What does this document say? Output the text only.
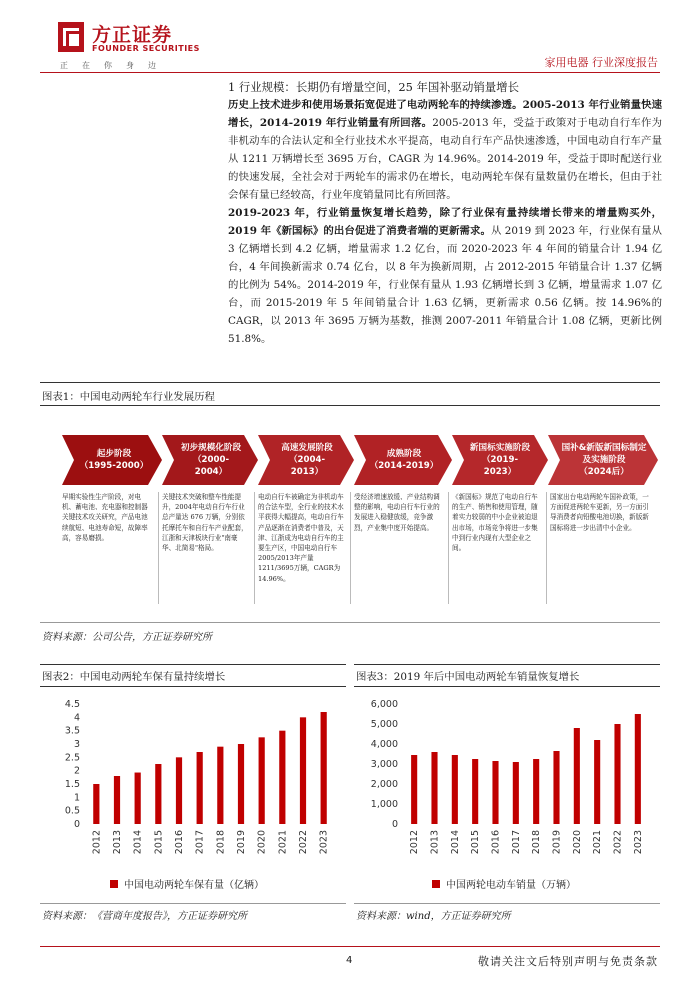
方正证券
FOUNDER SECURITIES
正在你身边	家用电器 行业深度报告

1 行业规模：长期仍有增量空间，25 年国补驱动销量增长

历史上技术进步和使用场景拓宽促进了电动两轮车的持续渗透。2005-2013 年行业销量快速增长，2014-2019 年行业销量有所回落。2005-2013 年，受益于政策对于电动自行车作为非机动车的合法认定和全行业技术水平提高，电动自行车产品快速渗透，中国电动自行车产量从 1211 万辆增长至 3695 万台，CAGR 为 14.96%。2014-2019 年，受益于即时配送行业的快速发展，全社会对于两轮车的需求仍在增长，电动两轮车保有量数量仍在增长，但由于社会保有量已经较高，行业年度销量同比有所回落。

2019-2023 年，行业销量恢复增长趋势，除了行业保有量持续增长带来的增量购买外，2019 年《新国标》的出台促进了消费者端的更新需求。从 2019 到 2023 年，行业保有量从 3 亿辆增长到 4.2 亿辆，增量需求 1.2 亿台，而 2020-2023 年 4 年间的销量合计 1.94 亿台，4 年间换新需求 0.74 亿台，以 8 年为换新周期，占 2012-2015 年销量合计 1.37 亿辆的比例为 54%。2014-2019 年，行业保有量从 1.93 亿辆增长到 3 亿辆，增量需求 1.07 亿台，而 2015-2019 年 5 年间销量合计 1.63 亿辆，更新需求 0.56 亿辆。按 14.96%的 CAGR，以 2013 年 3695 万辆为基数，推测 2007-2011 年销量合计 1.08 亿辆，更新比例 51.8%。

图表1：中国电动两轮车行业发展历程
起步阶段
（1995-2000）
初步规模化阶段（2000-
2004）
高速发展阶段（2004-
2013）
成熟阶段
（2014-2019）
新国标实施阶段（2019-
2023）
国补&新版新国标制定及实施阶段
（2024后）
早期实验性生产阶段，对电机、蓄电池、充电器和控制器关键技术攻关研究，产品电池续航短、电池寿命短，故障率高，容易磨损。
关键技术突破和整车性能提升，2004年电动自行车行业总产量达 676 万辆，分别依托摩托车和自行车产业配套，江浙和天津板块行业"南豪华、北简易"格局。
电动自行车被确定为非机动车的合法车型，全行业的技术水平获得大幅提高，电动自行车产品逐渐在消费者中普及，天津、江浙成为电动自行车的主要生产区，中国电动自行车2005/2013年产量1211/3695万辆，CAGR为14.96%。
受经济增速放缓、产业结构调整的影响，电动自行车行业的发展进入稳健放缓，竞争激烈，产业集中度开始提高。
《新国标》规范了电动自行车的生产、销售和使用管理，随着实力较弱的中小企业被迫退出市场，市场竞争将进一步集中到行业内现有大型企业之间。
国家出台电动两轮车国补政策，一方面促进两轮车更新，另一方面引导消费者向铅酸电池切换，新版新国标将进一步出清中小企业。
资料来源：公司公告，方正证券研究所
图表2：中国电动两轮车保有量持续增长
0
0.5
1
1.5
2
2.5
3
3.5
4
4.5
2012 2013 2014 2015 2016 2017 2018 2019 2020 2021 2022 2023
中国电动两轮车保有量（亿辆）
资料来源：《营商年度报告》，方正证券研究所
图表3：2019 年后中国电动两轮车销量恢复增长
0
1,000
2,000
3,000
4,000
5,000
6,000
2012 2013 2014 2015 2016 2017 2018 2019 2020 2021 2022 2023
中国两轮电动车销量（万辆）
资料来源：wind，方正证券研究所
4	敬请关注文后特别声明与免责条款
